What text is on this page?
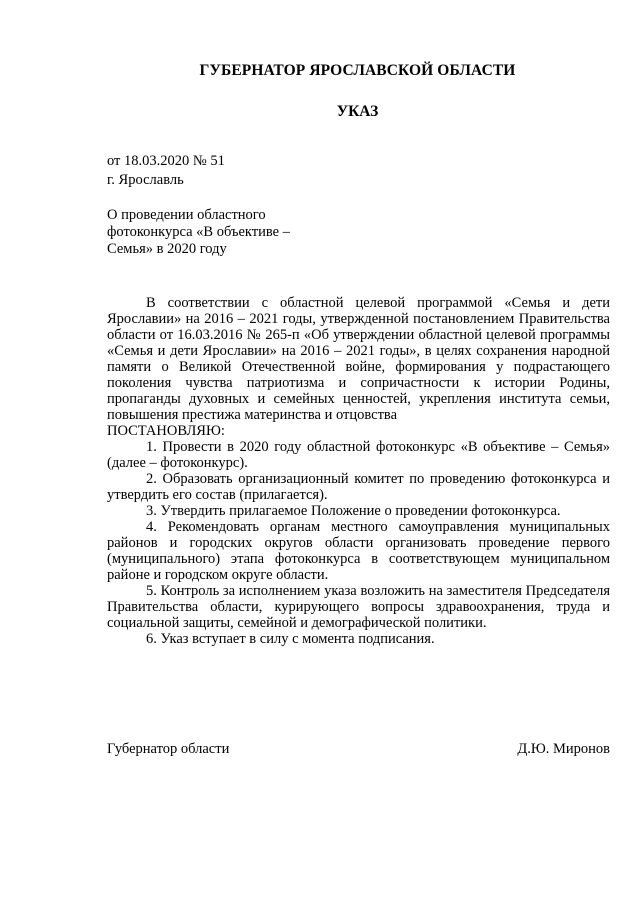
ГУБЕРНАТОР ЯРОСЛАВСКОЙ ОБЛАСТИ
УКАЗ
от 18.03.2020 № 51
г. Ярославль
О проведении областного
фотоконкурса «В объективе –
Семья» в 2020 году

В соответствии с областной целевой программой «Семья и дети Ярославии» на 2016 – 2021 годы, утвержденной постановлением Правительства области от 16.03.2016 № 265-п «Об утверждении областной целевой программы «Семья и дети Ярославии» на 2016 – 2021 годы», в целях сохранения народной памяти о Великой Отечественной войне, формирования у подрастающего поколения чувства патриотизма и сопричастности к истории Родины, пропаганды духовных и семейных ценностей, укрепления института семьи, повышения престижа материнства и отцовства

ПОСТАНОВЛЯЮ:

1. Провести в 2020 году областной фотоконкурс «В объективе – Семья» (далее – фотоконкурс).

2. Образовать организационный комитет по проведению фотоконкурса и утвердить его состав (прилагается).

3. Утвердить прилагаемое Положение о проведении фотоконкурса.

4. Рекомендовать органам местного самоуправления муниципальных районов и городских округов области организовать проведение первого (муниципального) этапа фотоконкурса в соответствующем муниципальном районе и городском округе области.

5. Контроль за исполнением указа возложить на заместителя Председателя Правительства области, курирующего вопросы здравоохранения, труда и социальной защиты, семейной и демографической политики.

6. Указ вступает в силу с момента подписания.

Губернатор области	Д.Ю. Миронов
